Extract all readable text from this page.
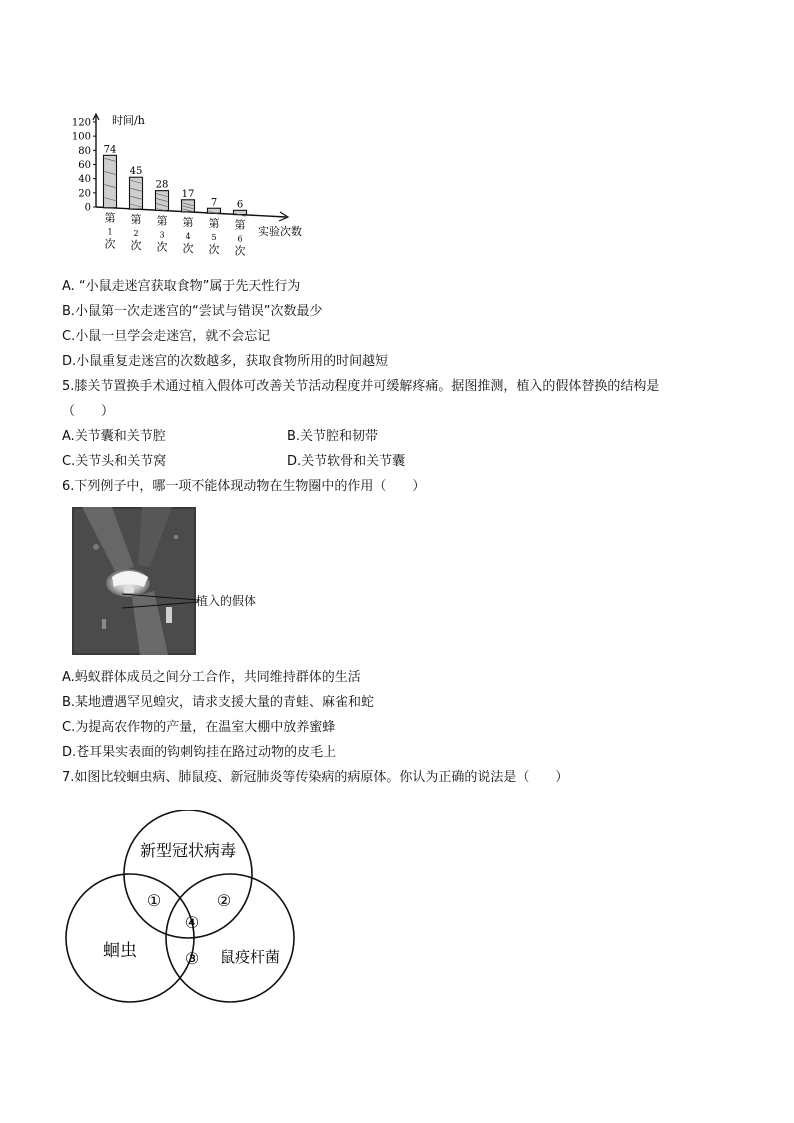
0
20
40
60
80
100
120
74
45
28
17
7 6
第
1
次
第
2
次
第
3
次
第
4
次
第
5
次
第
6
次
时间/h
实验次数
A. “小鼠走迷宫获取食物”属于先天性行为
B.小鼠第一次走迷宫的“尝试与错误”次数最少
C.小鼠一旦学会走迷宫，就不会忘记
D.小鼠重复走迷宫的次数越多，获取食物所用的时间越短
5.膝关节置换手术通过植入假体可改善关节活动程度并可缓解疼痛。据图推测，植入的假体替换的结构是
（　　）
A.关节囊和关节腔	B.关节腔和韧带
C.关节头和关节窝	D.关节软骨和关节囊
6.下列例子中，哪一项不能体现动物在生物圈中的作用（　　）
植入的假体
A.蚂蚁群体成员之间分工合作，共同维持群体的生活
B.某地遭遇罕见蝗灾，请求支援大量的青蛙、麻雀和蛇
C.为提高农作物的产量，在温室大棚中放养蜜蜂
D.苍耳果实表面的钩刺钩挂在路过动物的皮毛上
7.如图比较蛔虫病、肺鼠疫、新冠肺炎等传染病的病原体。你认为正确的说法是（　　）
新型冠状病毒
蛔虫	鼠疫杆菌
①	②
④
③
